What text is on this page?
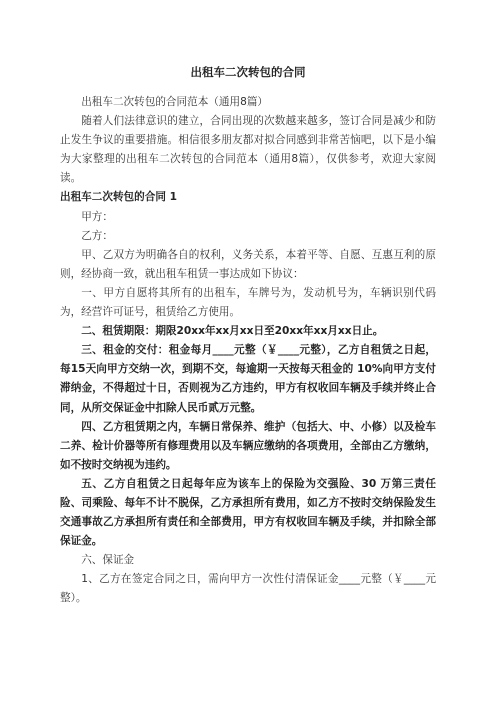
出租车二次转包的合同

出租车二次转包的合同范本（通用8篇）

随着人们法律意识的建立，合同出现的次数越来越多，签订合同是减少和防止发生争议的重要措施。相信很多朋友都对拟合同感到非常苦恼吧，以下是小编为大家整理的出租车二次转包的合同范本（通用8篇），仅供参考，欢迎大家阅读。

出租车二次转包的合同 1

甲方：

乙方：

甲、乙双方为明确各自的权利，义务关系，本着平等、自愿、互惠互利的原则，经协商一致，就出租车租赁一事达成如下协议：

一、甲方自愿将其所有的出租车，车牌号为，发动机号为，车辆识别代码为，经营许可证号，租赁给乙方使用。

二、租赁期限：期限20xx年xx月xx日至20xx年xx月xx日止。

三、租金的交付：租金每月____元整（￥____元整），乙方自租赁之日起，每15天向甲方交纳一次，到期不交，每逾期一天按每天租金的 10%向甲方支付滞纳金，不得超过十日，否则视为乙方违约，甲方有权收回车辆及手续并终止合同，从所交保证金中扣除人民币贰万元整。

四、乙方租赁期之内，车辆日常保养、维护（包括大、中、小修）以及检车二养、检计价器等所有修理费用以及车辆应缴纳的各项费用，全部由乙方缴纳，如不按时交纳视为违约。

五、乙方自租赁之日起每年应为该车上的保险为交强险、30 万第三责任险、司乘险、每年不计不脱保，乙方承担所有费用，如乙方不按时交纳保险发生交通事故乙方承担所有责任和全部费用，甲方有权收回车辆及手续，并扣除全部保证金。

六、保证金

1、乙方在签定合同之日，需向甲方一次性付清保证金____元整（￥____元整）。
